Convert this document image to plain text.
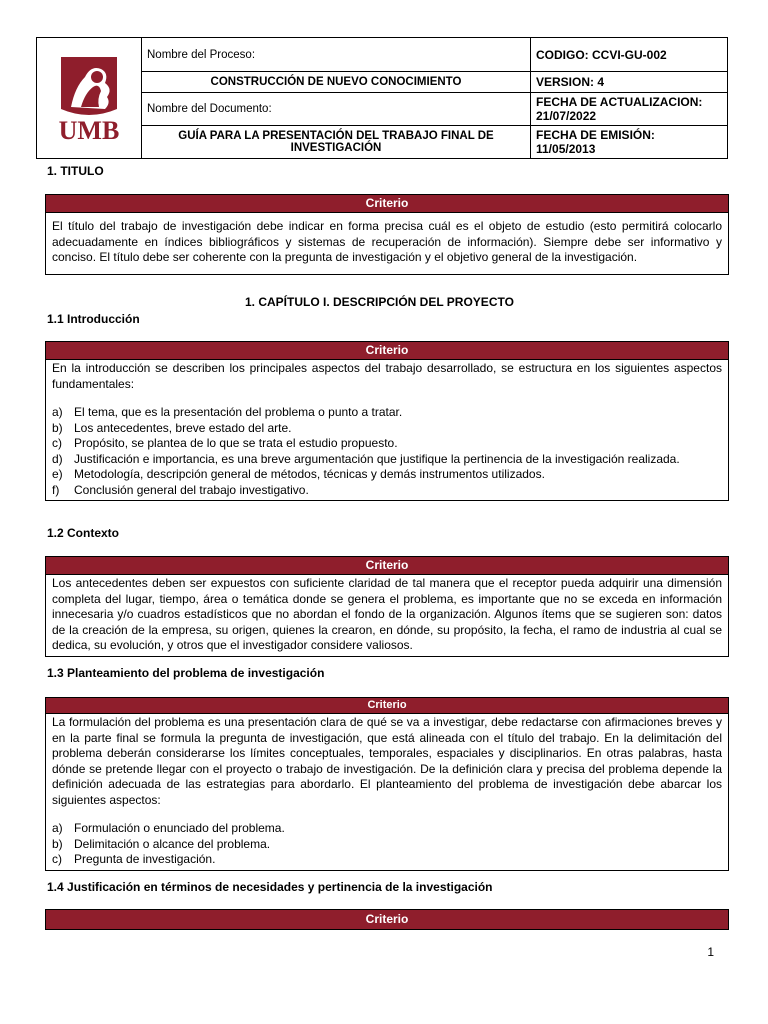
UMB	Nombre del Proceso:	CODIGO: CCVI-GU-002
	CONSTRUCCIÓN DE NUEVO CONOCIMIENTO	VERSION: 4
	Nombre del Documento:	FECHA DE ACTUALIZACION:
21/07/2022

	GUÍA PARA LA PRESENTACIÓN DEL TRABAJO FINAL DE INVESTIGACIÓN	FECHA DE EMISIÓN:
11/05/2013
1. TITULO
Criterio
El título del trabajo de investigación debe indicar en forma precisa cuál es el objeto de estudio (esto permitirá colocarlo adecuadamente en índices bibliográficos y sistemas de recuperación de información). Siempre debe ser informativo y conciso. El título debe ser coherente con la pregunta de investigación y el objetivo general de la investigación.
1. CAPÍTULO I. DESCRIPCIÓN DEL PROYECTO
1.1 Introducción
Criterio
En la introducción se describen los principales aspectos del trabajo desarrollado, se estructura en los siguientes aspectos fundamentales:
a) El tema, que es la presentación del problema o punto a tratar.
b) Los antecedentes, breve estado del arte.
c)	Propósito, se plantea de lo que se trata el estudio propuesto.
d) Justificación e importancia, es una breve argumentación que justifique la pertinencia de la investigación realizada.
e) Metodología, descripción general de métodos, técnicas y demás instrumentos utilizados.
f)	Conclusión general del trabajo investigativo.
1.2 Contexto
Criterio
Los antecedentes deben ser expuestos con suficiente claridad de tal manera que el receptor pueda adquirir una dimensión completa del lugar, tiempo, área o temática donde se genera el problema, es importante que no se exceda en información innecesaria y/o cuadros estadísticos que no abordan el fondo de la organización. Algunos ítems que se sugieren son: datos de la creación de la empresa, su origen, quienes la crearon, en dónde, su propósito, la fecha, el ramo de industria al cual se dedica, su evolución, y otros que el investigador considere valiosos.
1.3 Planteamiento del problema de investigación
Criterio
La formulación del problema es una presentación clara de qué se va a investigar, debe redactarse con afirmaciones breves y en la parte final se formula la pregunta de investigación, que está alineada con el título del trabajo. En la delimitación del problema deberán considerarse los límites conceptuales, temporales, espaciales y disciplinarios. En otras palabras, hasta dónde se pretende llegar con el proyecto o trabajo de investigación. De la definición clara y precisa del problema depende la definición adecuada de las estrategias para abordarlo. El planteamiento del problema de investigación debe abarcar los siguientes aspectos:
a) Formulación o enunciado del problema.
b) Delimitación o alcance del problema.
c)	Pregunta de investigación.
1.4 Justificación en términos de necesidades y pertinencia de la investigación
Criterio
1
